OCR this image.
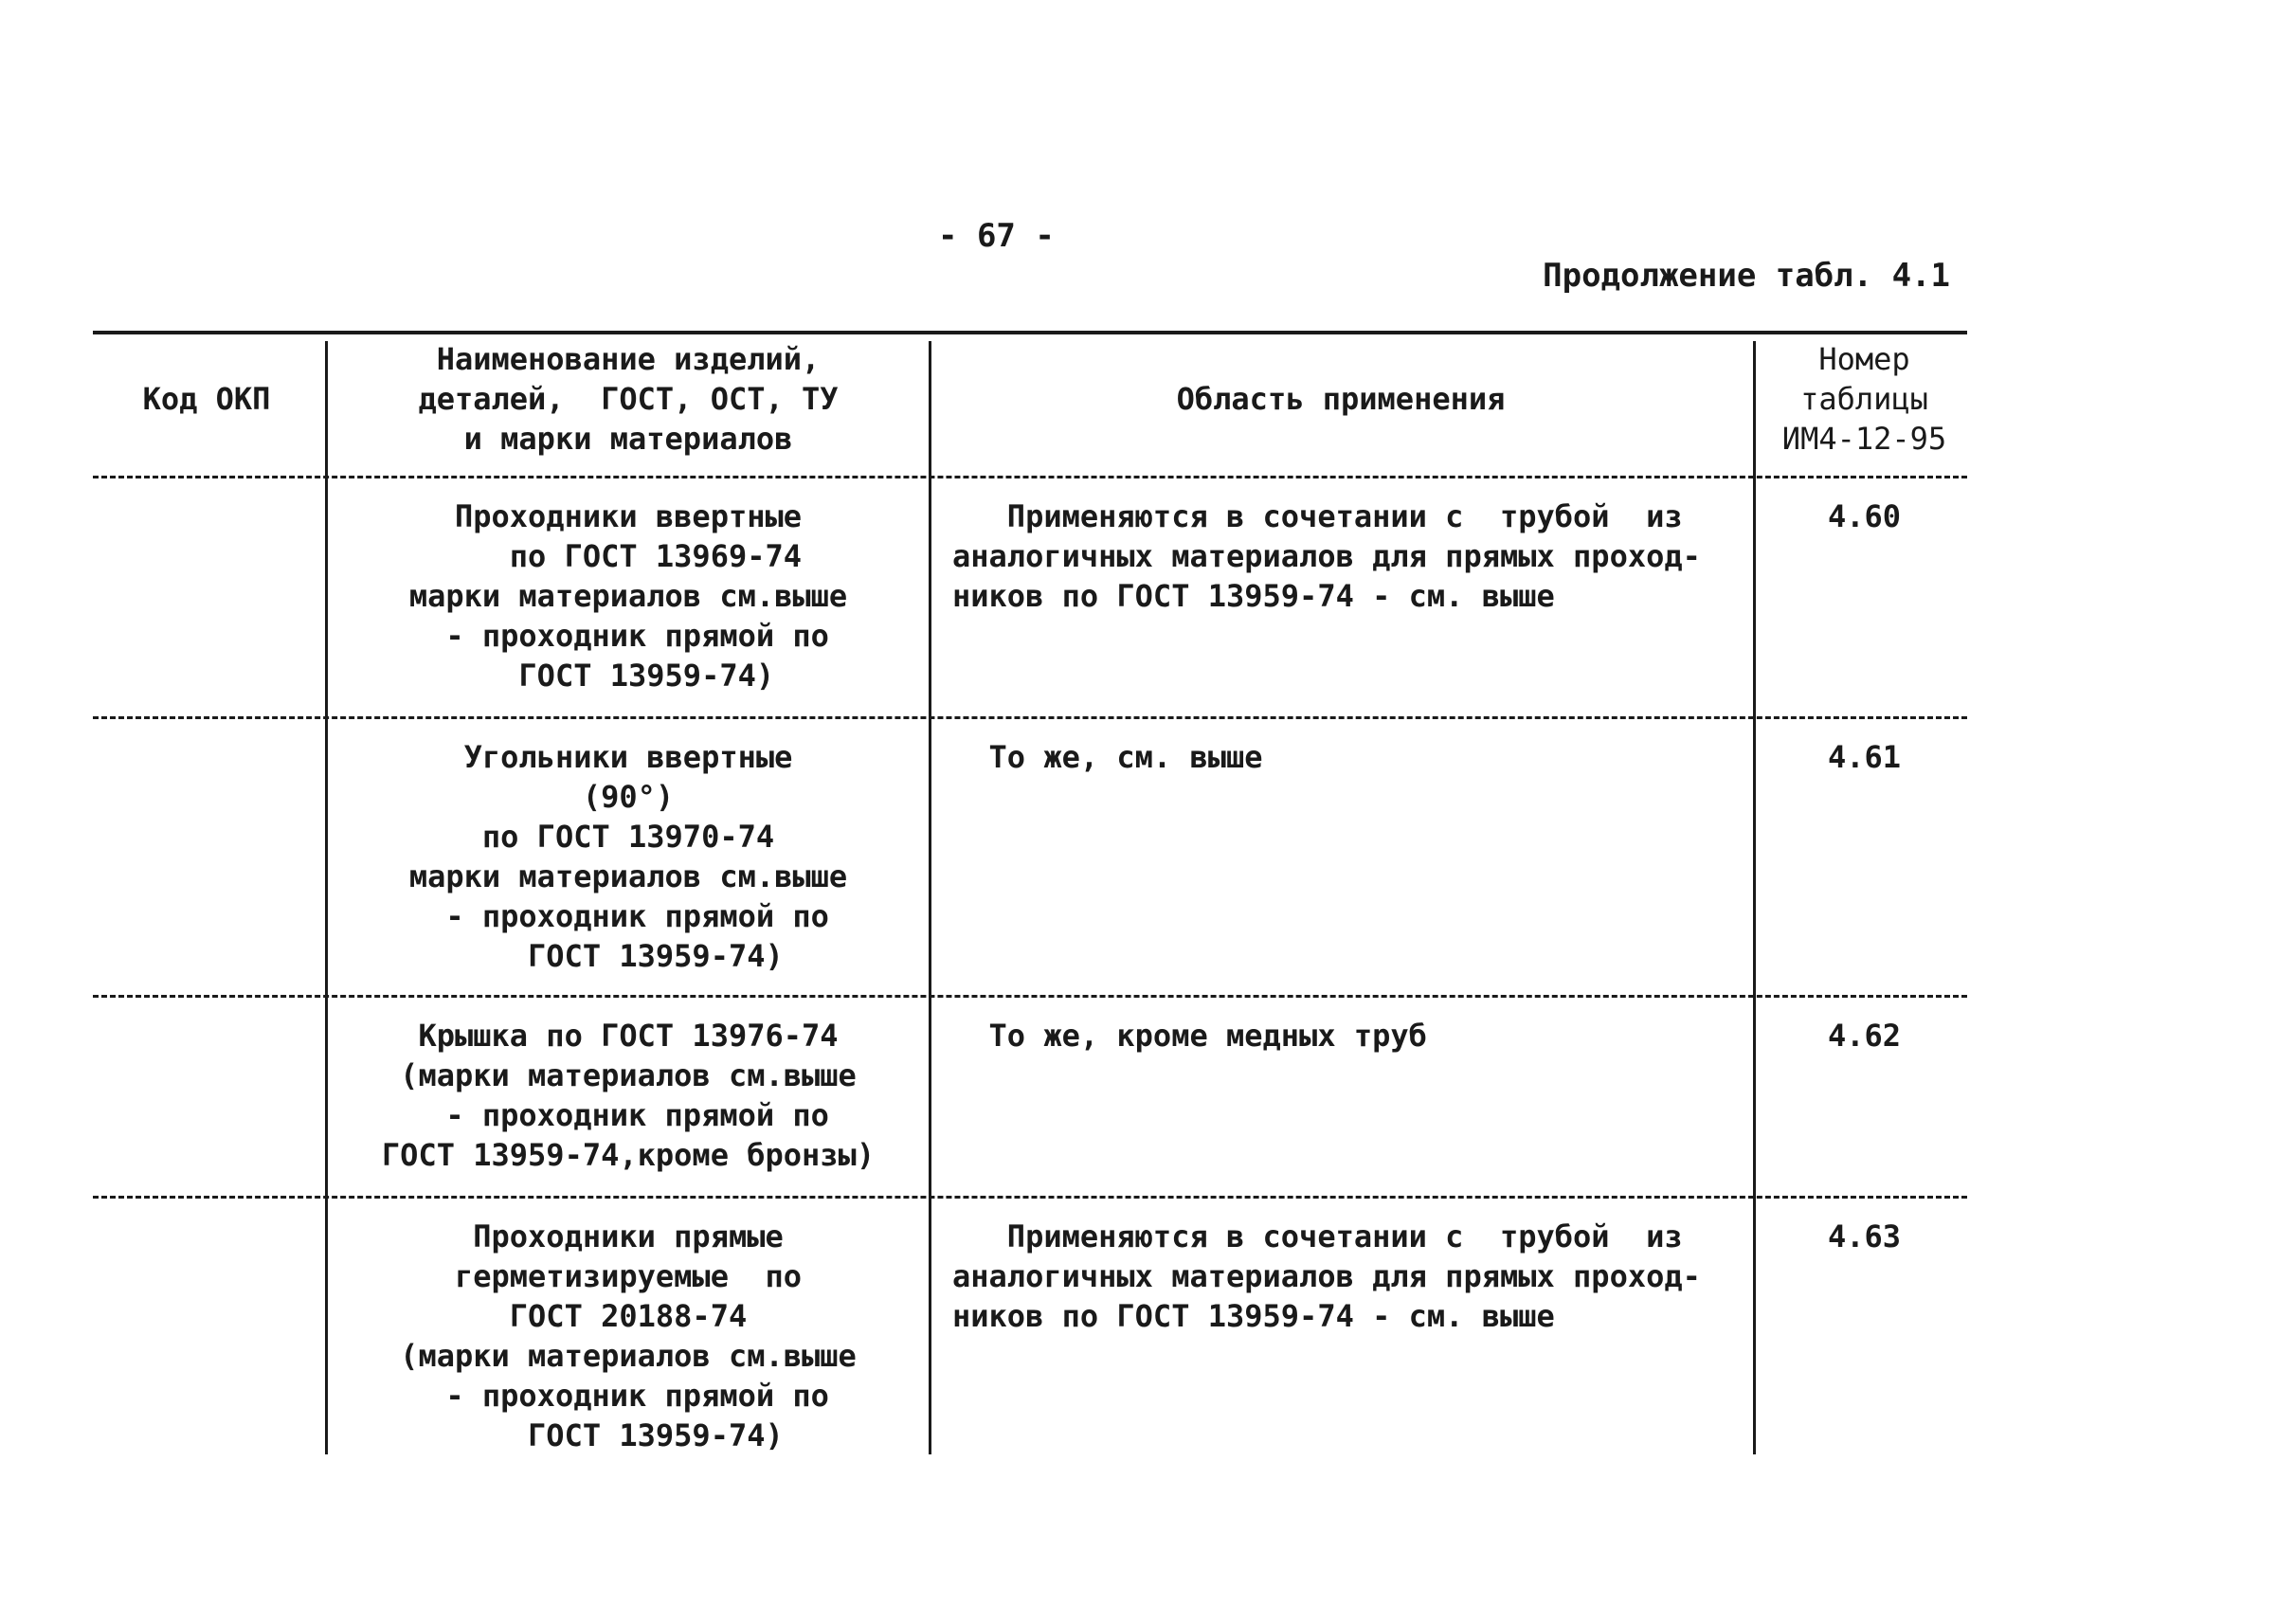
- 67 -
Продолжение табл. 4.1
Код ОКП
Наименование изделий,
деталей,  ГОСТ, ОСТ, ТУ
и марки материалов
Область применения
Номер
таблицы
ИМ4-12-95
Проходники ввертные
по ГОСТ 13969-74
марки материалов см.выше
- проходник прямой по
ГОСТ 13959-74)
Применяются в сочетании с  трубой  из
аналогичных материалов для прямых проход-
ников по ГОСТ 13959-74 - см. выше
4.60
Угольники ввертные
(90°)
по ГОСТ 13970-74
марки материалов см.выше
- проходник прямой по
ГОСТ 13959-74)
То же, см. выше	4.61
Крышка по ГОСТ 13976-74
(марки материалов см.выше
- проходник прямой по
ГОСТ 13959-74,кроме бронзы)
То же, кроме медных труб	4.62
Проходники прямые
герметизируемые  по
ГОСТ 20188-74
(марки материалов см.выше
- проходник прямой по
ГОСТ 13959-74)
Применяются в сочетании с  трубой  из
аналогичных материалов для прямых проход-
ников по ГОСТ 13959-74 - см. выше
4.63
